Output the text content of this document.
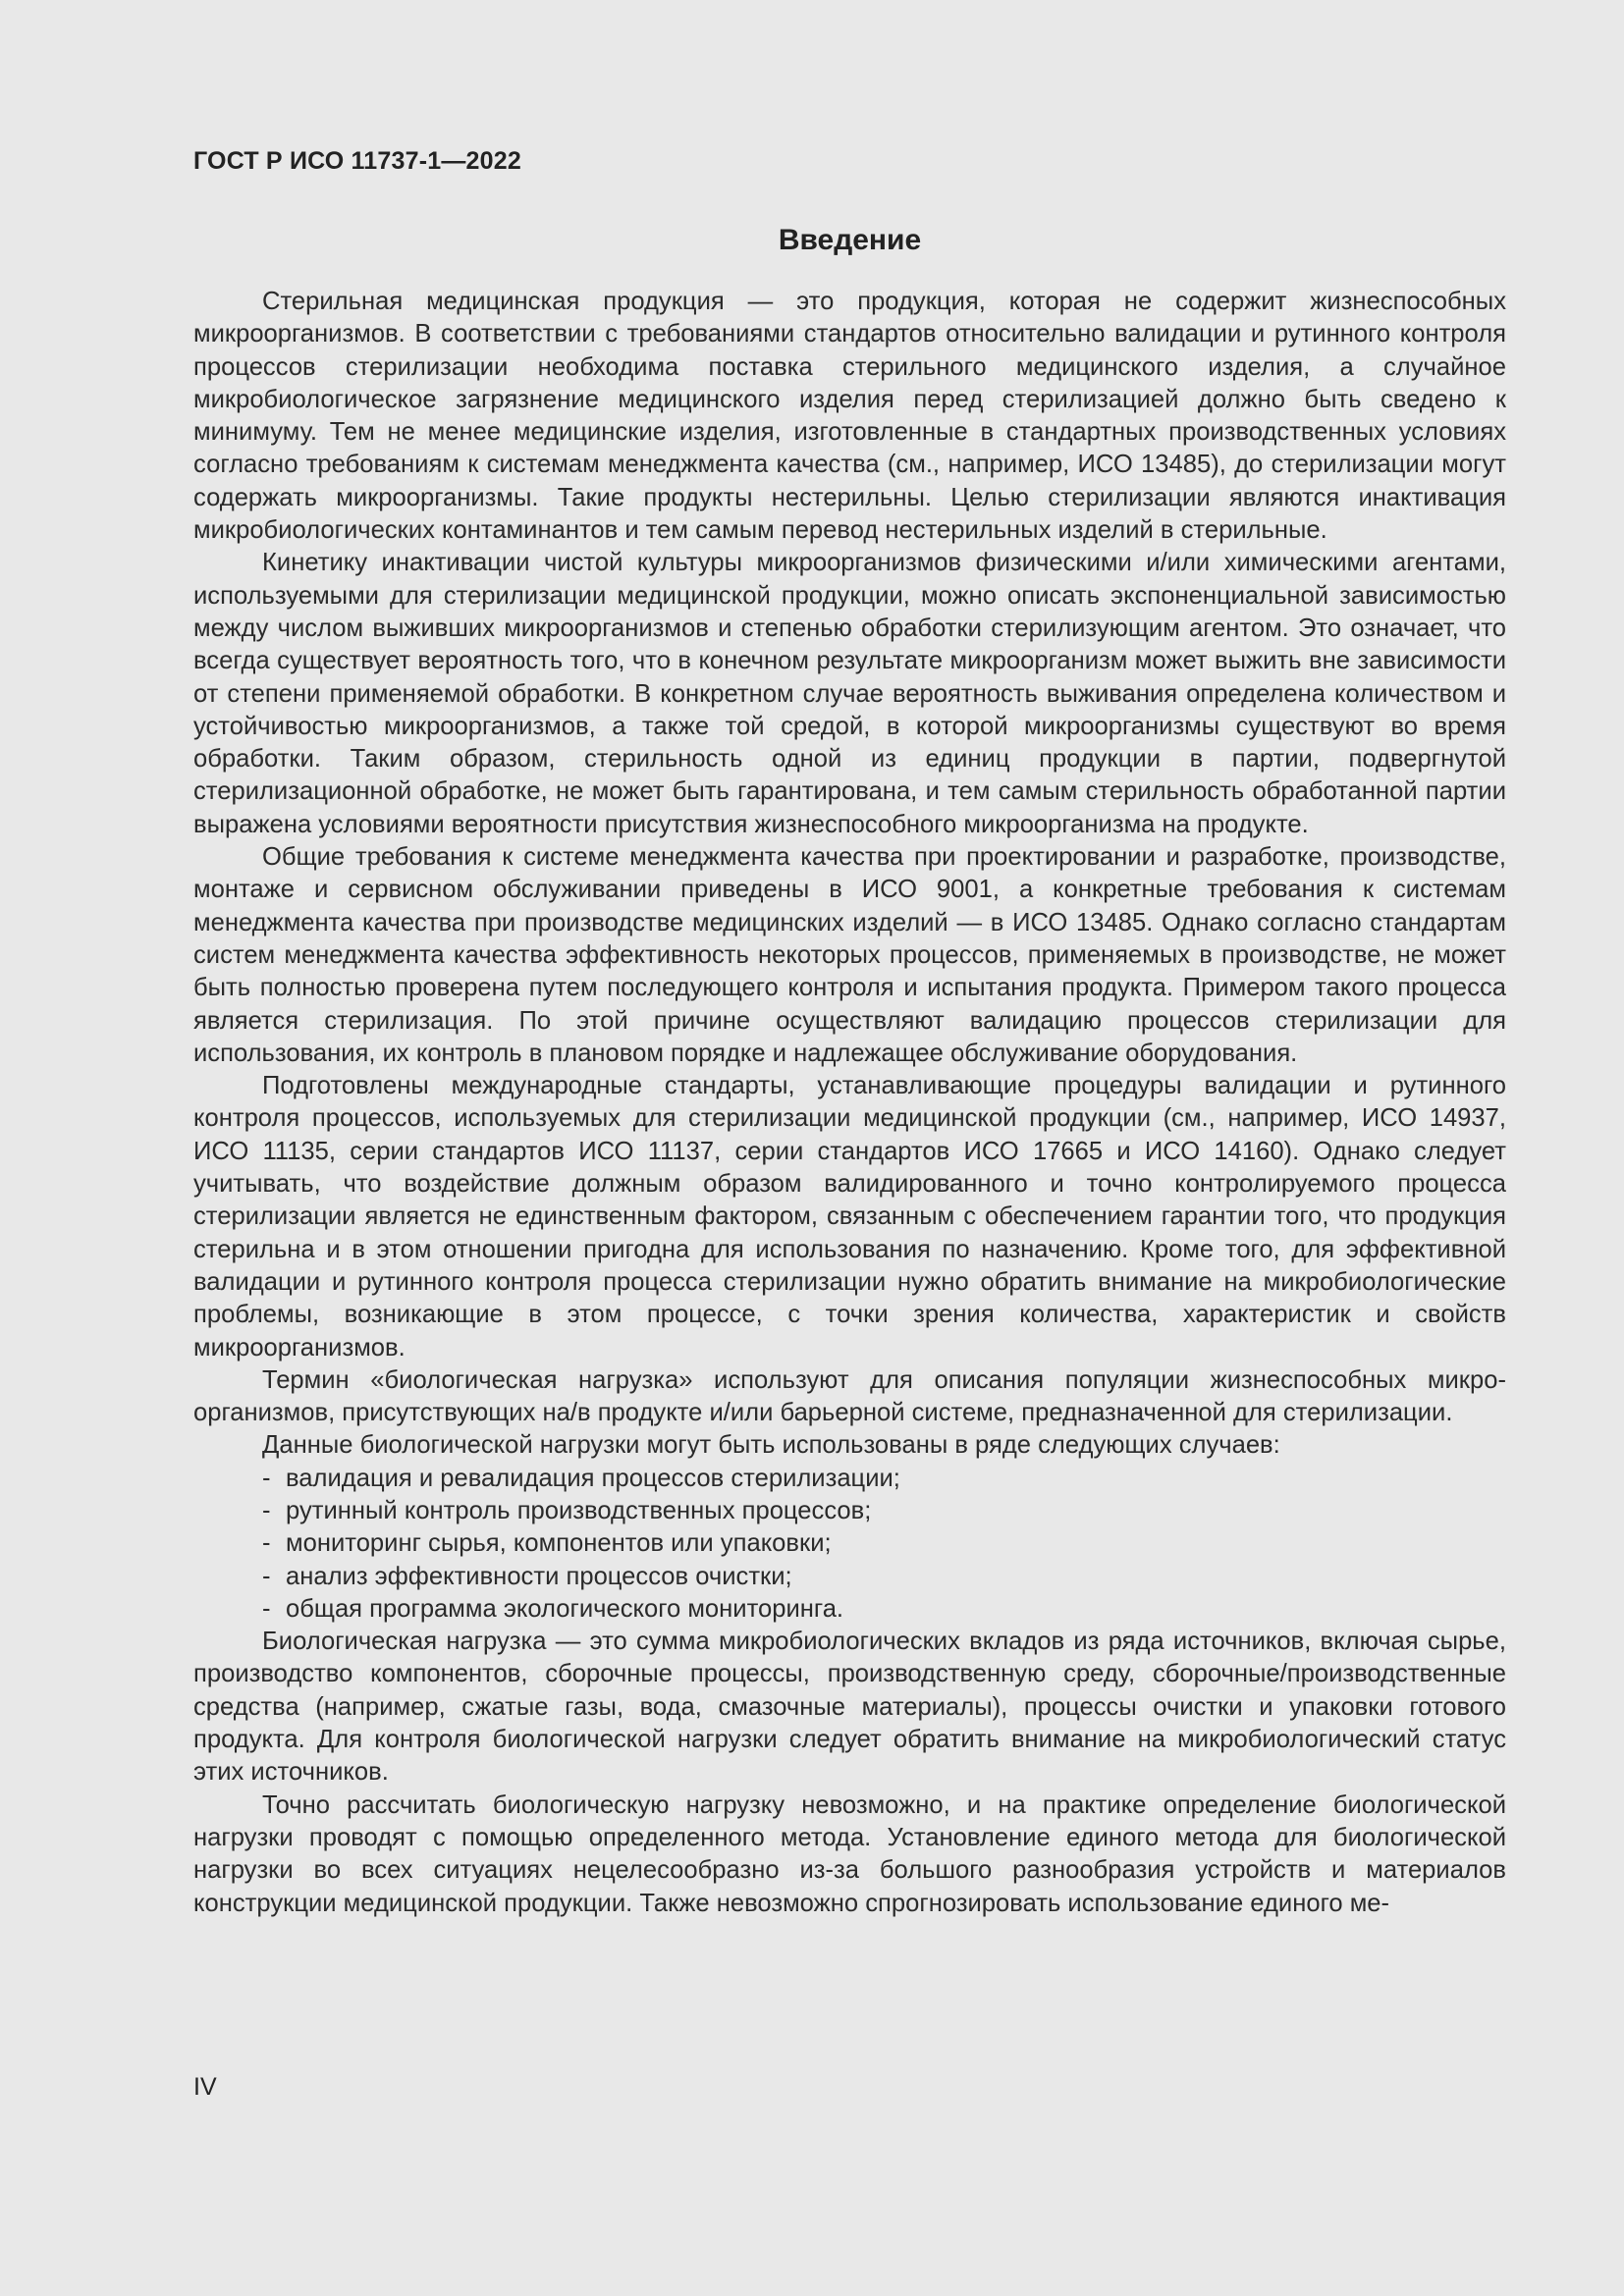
ГОСТ Р ИСО 11737-1—2022
Введение

Стерильная медицинская продукция — это продукция, которая не содержит жизнеспособных микроорганизмов. В соответствии с требованиями стандартов относительно валидации и рутинного контроля процессов стерилизации необходима поставка стерильного медицинского изделия, а случайное микробиологическое загрязнение медицинского изделия перед стерилизацией должно быть сведено к минимуму. Тем не менее медицинские изделия, изготовленные в стандартных производственных условиях согласно требованиям к системам менеджмента качества (см., например, ИСО 13485), до стерилизации могут содержать микроорганизмы. Такие продукты нестерильны. Целью стерилизации являются инактивация микробиологических контаминантов и тем самым перевод нестерильных изделий в стерильные.

Кинетику инактивации чистой культуры микроорганизмов физическими и/или химическими агентами, используемыми для стерилизации медицинской продукции, можно описать экспоненциальной зависимостью между числом выживших микроорганизмов и степенью обработки стерилизующим агентом. Это означает, что всегда существует вероятность того, что в конечном результате микроорганизм может выжить вне зависимости от степени применяемой обработки. В конкретном случае вероятность выживания определена количеством и устойчивостью микроорганизмов, а также той средой, в которой микроорганизмы существуют во время обработки. Таким образом, стерильность одной из единиц продукции в партии, подвергнутой стерилизационной обработке, не может быть гарантирована, и тем самым стерильность обработанной партии выражена условиями вероятности присутствия жизнеспособного микроорганизма на продукте.

Общие требования к системе менеджмента качества при проектировании и разработке, производстве, монтаже и сервисном обслуживании приведены в ИСО 9001, а конкретные требования к системам менеджмента качества при производстве медицинских изделий — в ИСО 13485. Однако согласно стандартам систем менеджмента качества эффективность некоторых процессов, применяемых в производстве, не может быть полностью проверена путем последующего контроля и испытания продукта. Примером такого процесса является стерилизация. По этой причине осуществляют валидацию процессов стерилизации для использования, их контроль в плановом порядке и надлежащее обслуживание оборудования.

Подготовлены международные стандарты, устанавливающие процедуры валидации и рутинного контроля процессов, используемых для стерилизации медицинской продукции (см., например, ИСО 14937, ИСО 11135, серии стандартов ИСО 11137, серии стандартов ИСО 17665 и ИСО 14160). Однако следует учитывать, что воздействие должным образом валидированного и точно контролируемого процесса стерилизации является не единственным фактором, связанным с обеспечением гарантии того, что продукция стерильна и в этом отношении пригодна для использования по назначению. Кроме того, для эффективной валидации и рутинного контроля процесса стерилизации нужно обратить внимание на микробиологические проблемы, возникающие в этом процессе, с точки зрения количества, характеристик и свойств микроорганизмов.

Термин «биологическая нагрузка» используют для описания популяции жизнеспособных микроорганизмов, присутствующих на/в продукте и/или барьерной системе, предназначенной для стерилизации.

Данные биологической нагрузки могут быть использованы в ряде следующих случаев:

- валидация и ревалидация процессов стерилизации;
- рутинный контроль производственных процессов;
- мониторинг сырья, компонентов или упаковки;
- анализ эффективности процессов очистки;
- общая программа экологического мониторинга.

Биологическая нагрузка — это сумма микробиологических вкладов из ряда источников, включая сырье, производство компонентов, сборочные процессы, производственную среду, сборочные/производственные средства (например, сжатые газы, вода, смазочные материалы), процессы очистки и упаковки готового продукта. Для контроля биологической нагрузки следует обратить внимание на микробиологический статус этих источников.

Точно рассчитать биологическую нагрузку невозможно, и на практике определение биологической нагрузки проводят с помощью определенного метода. Установление единого метода для биологической нагрузки во всех ситуациях нецелесообразно из-за большого разнообразия устройств и материалов конструкции медицинской продукции. Также невозможно спрогнозировать использование единого ме-

IV
